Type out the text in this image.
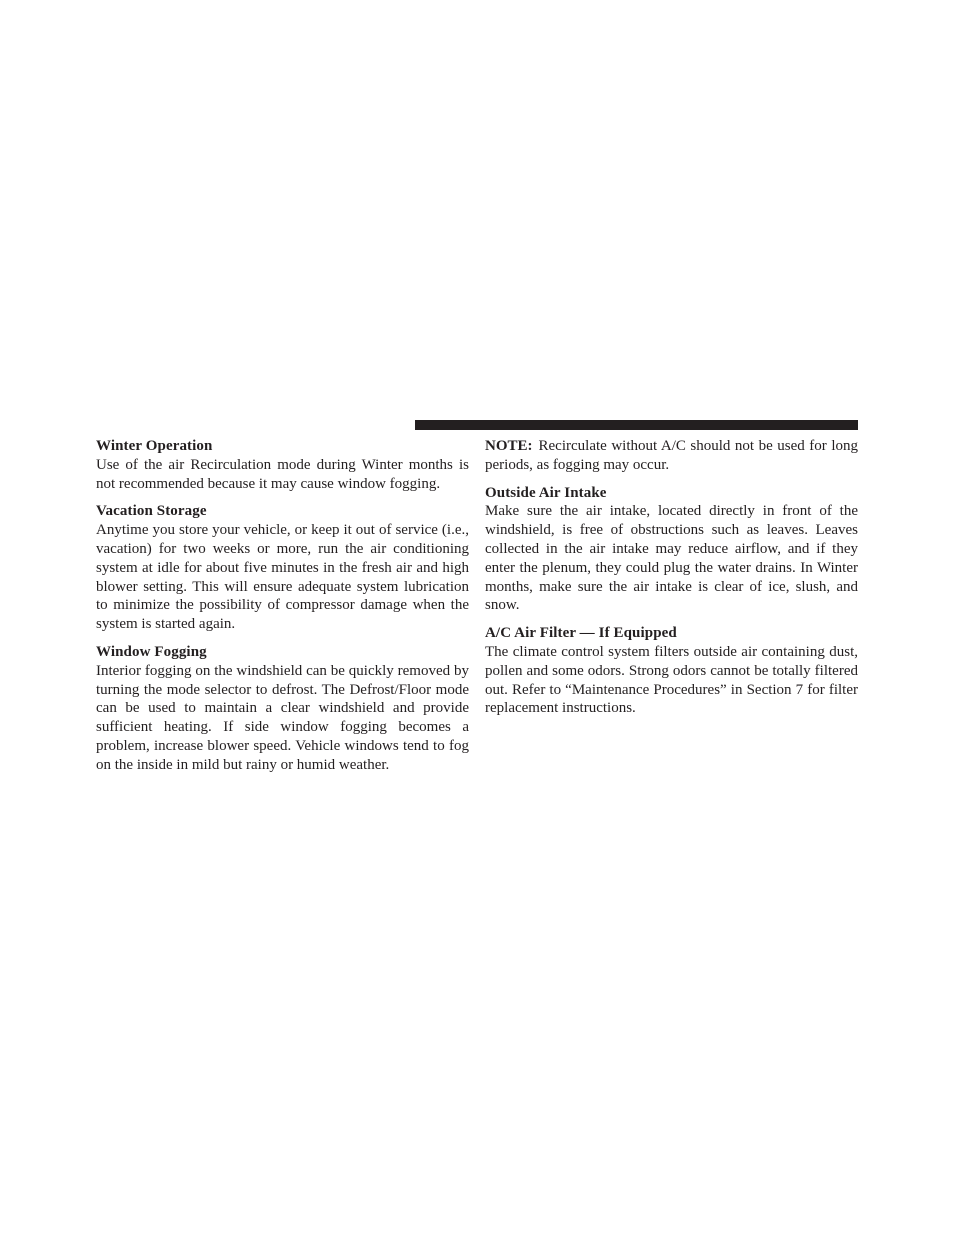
Winter Operation

Use of the air Recirculation mode during Winter months is not recommended because it may cause window fogging.

Vacation Storage

Anytime you store your vehicle, or keep it out of service (i.e., vacation) for two weeks or more, run the air conditioning system at idle for about five minutes in the fresh air and high blower setting. This will ensure adequate system lubrication to minimize the possibility of compressor damage when the system is started again.

Window Fogging

Interior fogging on the windshield can be quickly removed by turning the mode selector to defrost. The Defrost/Floor mode can be used to maintain a clear windshield and provide sufficient heating. If side window fogging becomes a problem, increase blower speed. Vehicle windows tend to fog on the inside in mild but rainy or humid weather.

NOTE: Recirculate without A/C should not be used for long periods, as fogging may occur.

Outside Air Intake

Make sure the air intake, located directly in front of the windshield, is free of obstructions such as leaves. Leaves collected in the air intake may reduce airflow, and if they enter the plenum, they could plug the water drains. In Winter months, make sure the air intake is clear of ice, slush, and snow.

A/C Air Filter — If Equipped

The climate control system filters outside air containing dust, pollen and some odors. Strong odors cannot be totally filtered out. Refer to “Maintenance Procedures” in Section 7 for filter replacement instructions.
